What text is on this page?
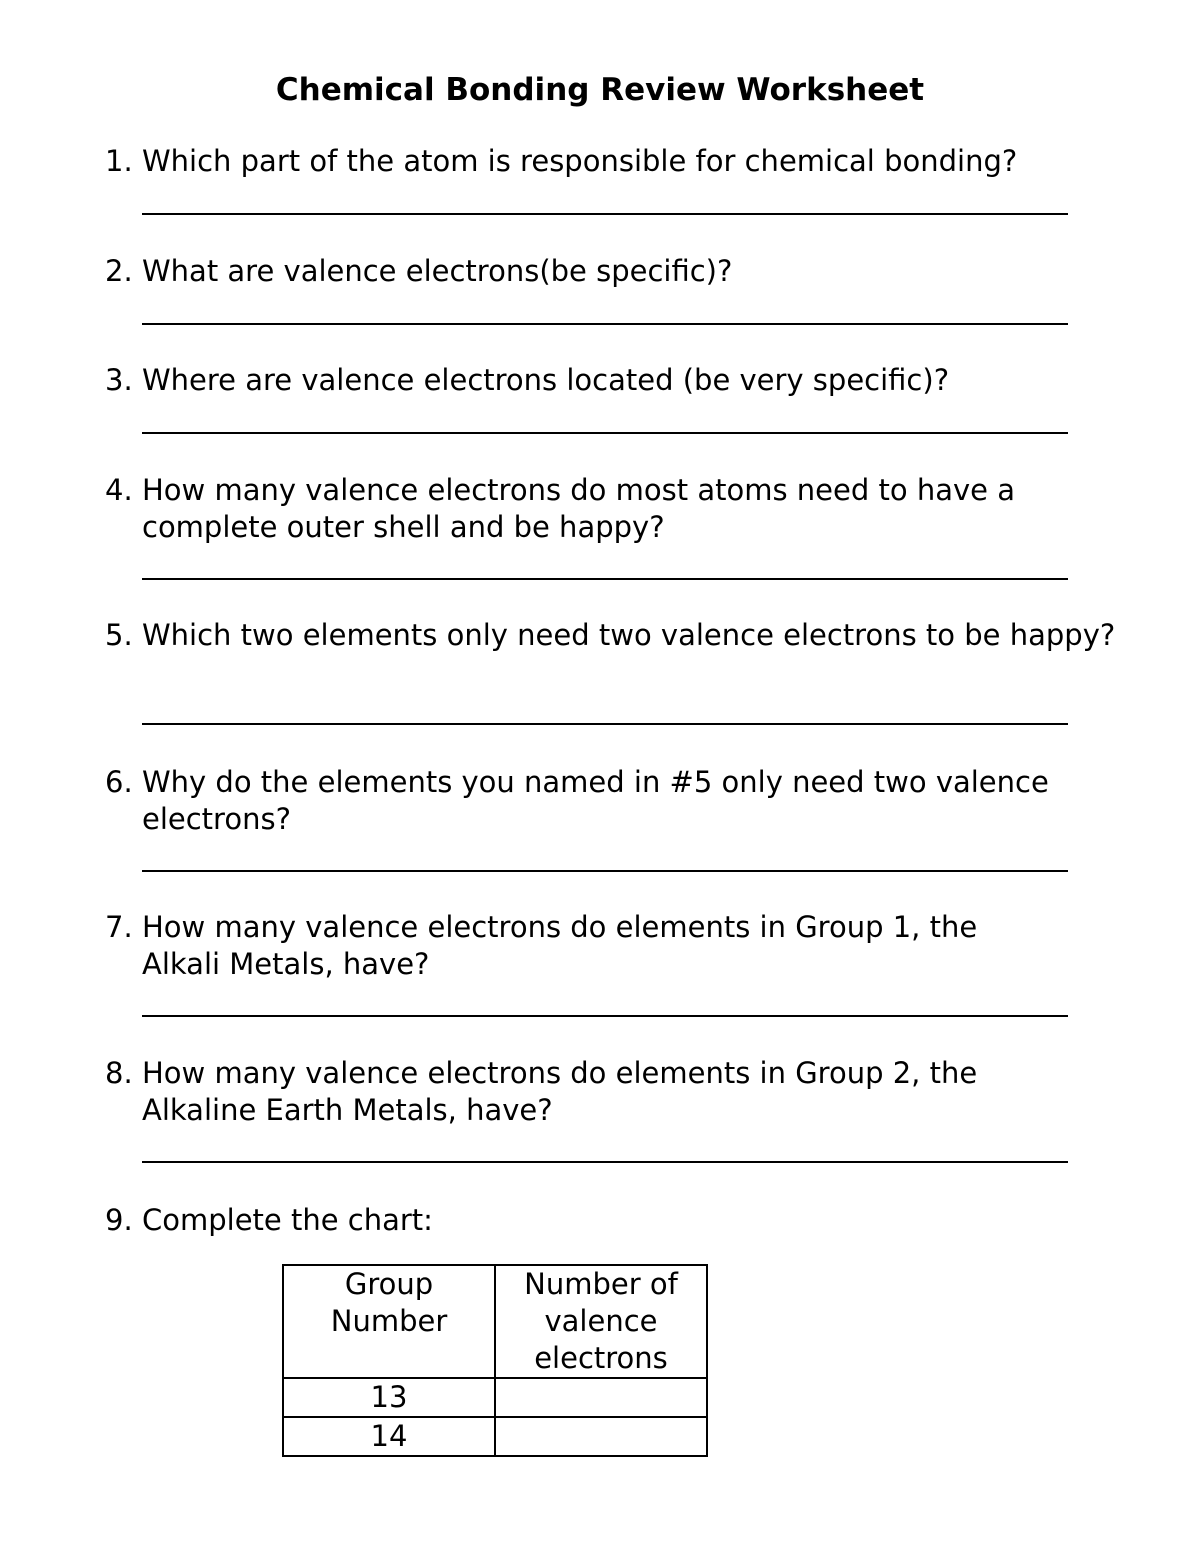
Chemical Bonding Review Worksheet
1. Which part of the atom is responsible for chemical bonding?
2. What are valence electrons(be specific)?
3. Where are valence electrons located (be very specific)?
4. How many valence electrons do most atoms need to have a complete outer shell and be happy?
5. Which two elements only need two valence electrons to be happy?
6. Why do the elements you named in #5 only need two valence electrons?
7. How many valence electrons do elements in Group 1, the Alkali Metals, have?
8. How many valence electrons do elements in Group 2, the Alkaline Earth Metals, have?
9. Complete the chart:
Group Number	Number of valence electrons
13	
14	
